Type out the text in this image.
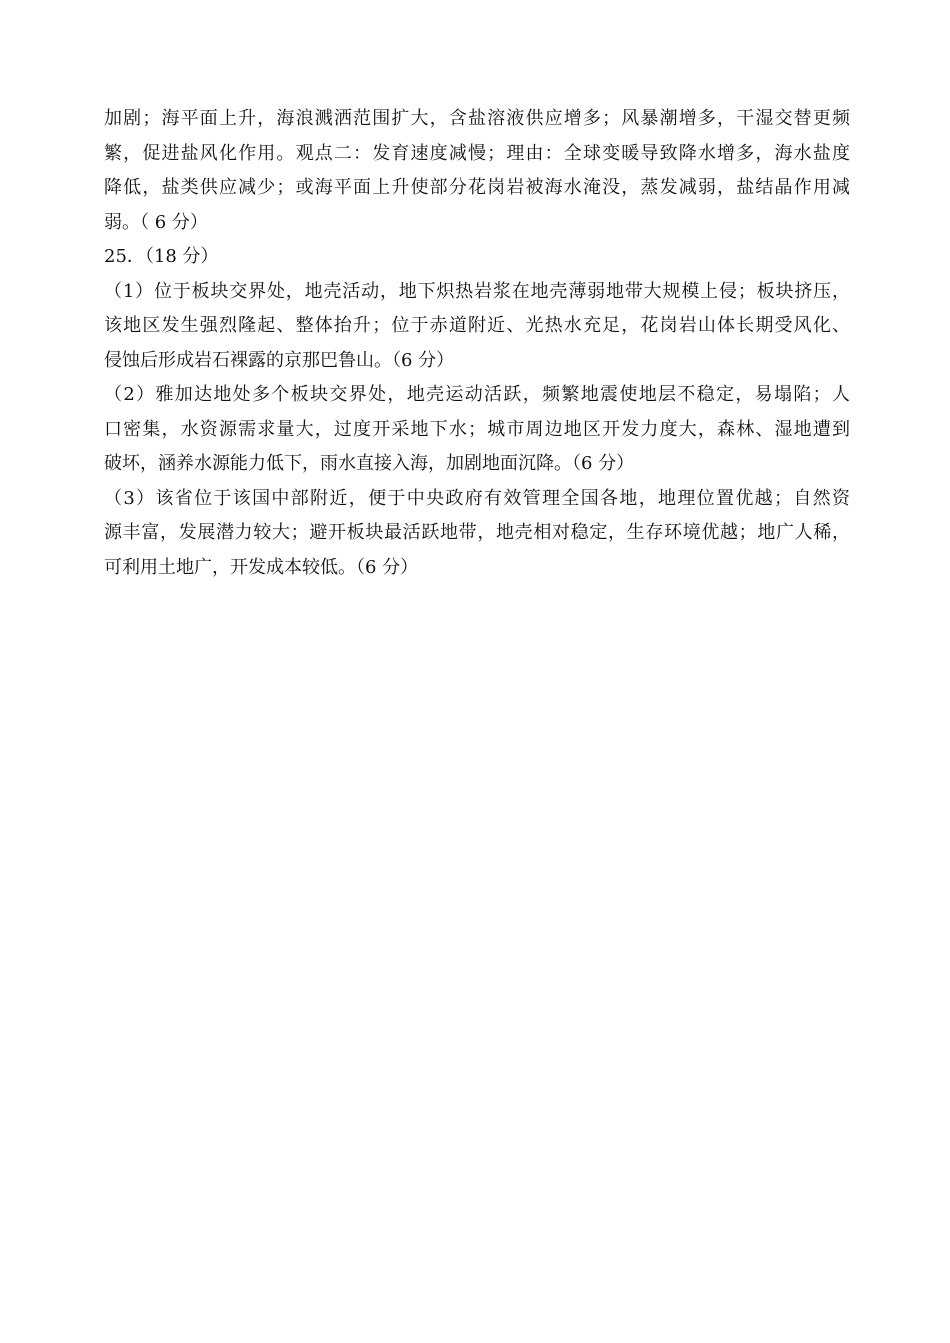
加剧；海平面上升，海浪溅洒范围扩大，含盐溶液供应增多；风暴潮增多，干湿交替更频
繁，促进盐风化作用。观点二：发育速度减慢；理由：全球变暖导致降水增多，海水盐度
降低，盐类供应减少；或海平面上升使部分花岗岩被海水淹没，蒸发减弱，盐结晶作用减
弱。（ 6 分）
25．（18 分）
（1）位于板块交界处，地壳活动，地下炽热岩浆在地壳薄弱地带大规模上侵；板块挤压，
该地区发生强烈隆起、整体抬升；位于赤道附近、光热水充足，花岗岩山体长期受风化、
侵蚀后形成岩石裸露的京那巴鲁山。（6 分）
（2）雅加达地处多个板块交界处，地壳运动活跃，频繁地震使地层不稳定，易塌陷；人
口密集，水资源需求量大，过度开采地下水；城市周边地区开发力度大，森林、湿地遭到
破坏，涵养水源能力低下，雨水直接入海，加剧地面沉降。（6 分）
（3）该省位于该国中部附近，便于中央政府有效管理全国各地，地理位置优越；自然资
源丰富，发展潜力较大；避开板块最活跃地带，地壳相对稳定，生存环境优越；地广人稀，
可利用土地广，开发成本较低。（6 分）
